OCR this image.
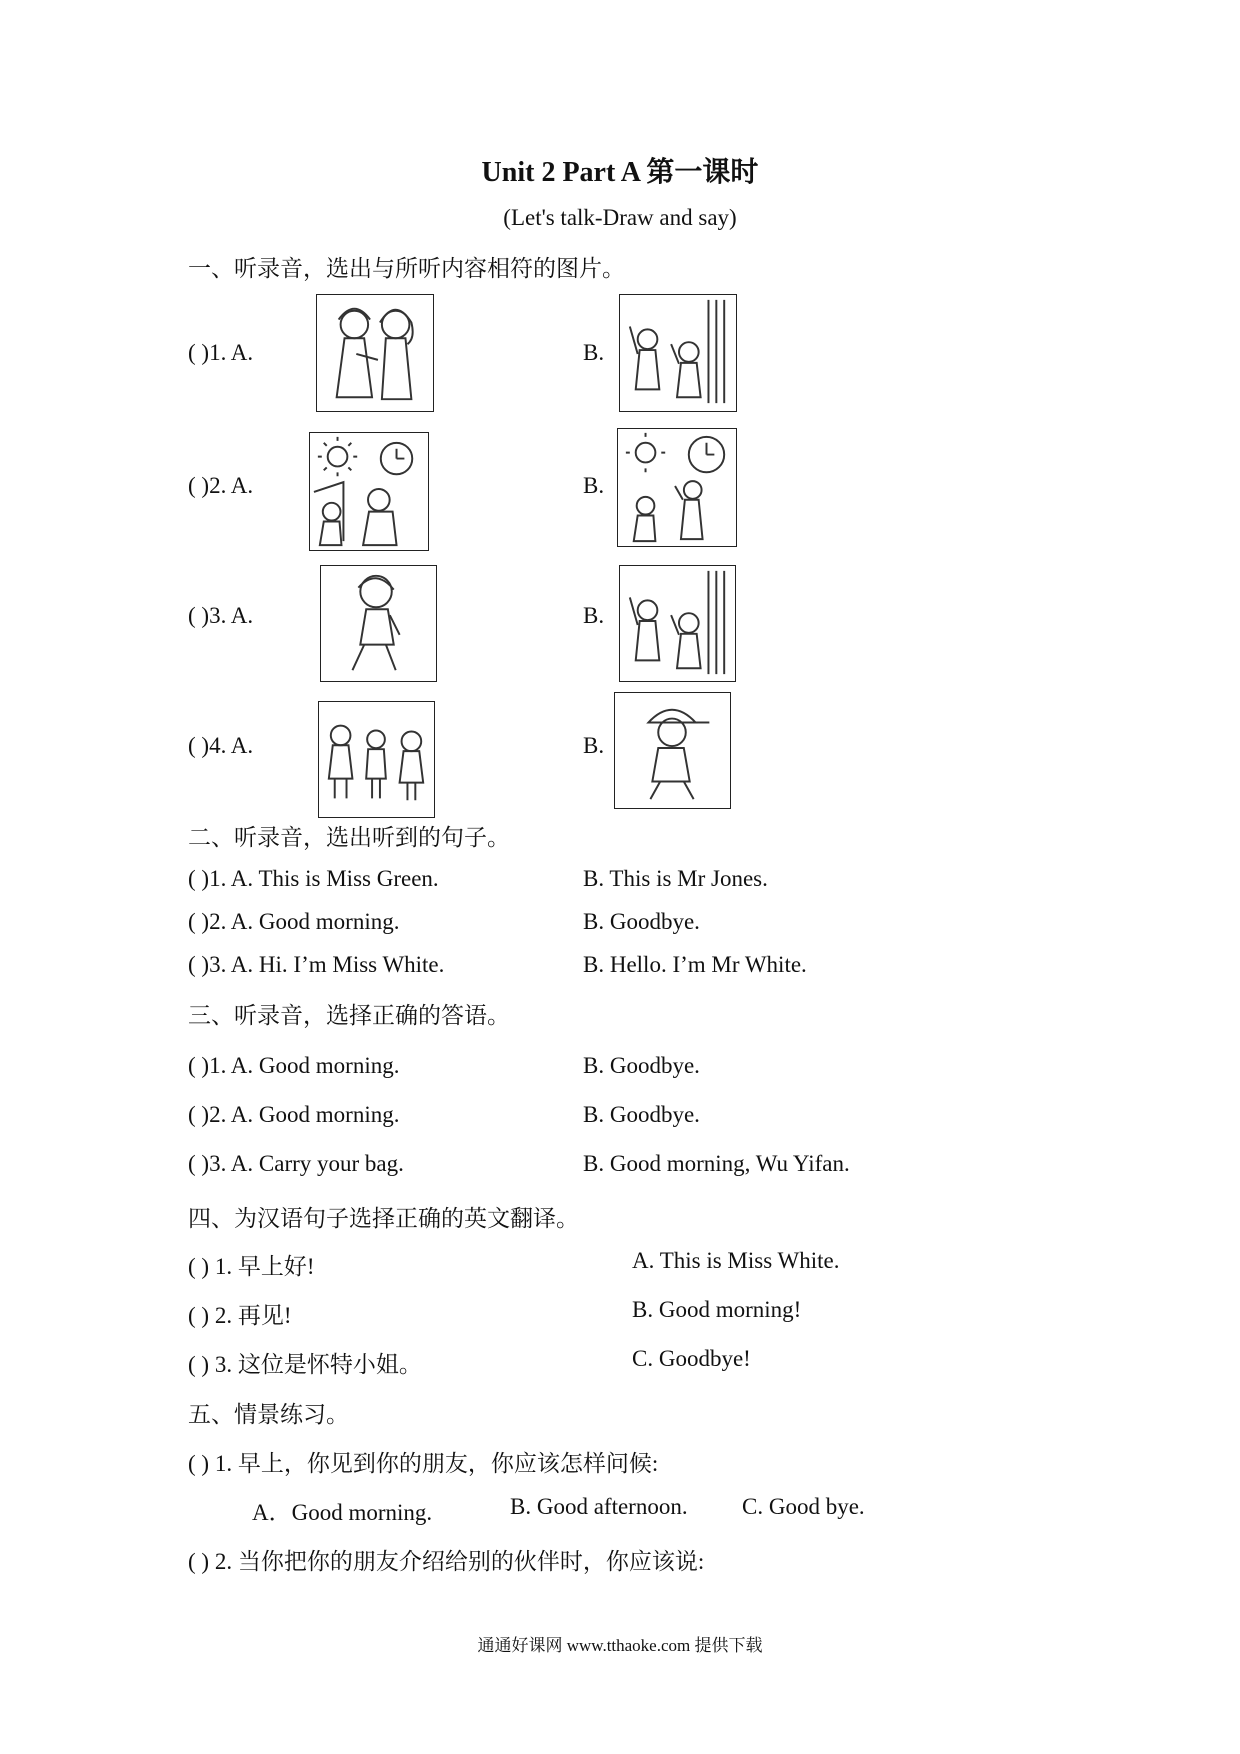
Unit 2 Part A 第一课时
(Let's talk-Draw and say)
一、听录音，选出与所听内容相符的图片。
( )1. A.	B.
( )2. A.	B.
( )3. A.	B.
( )4. A.	B.
二、听录音，选出听到的句子。
( )1. A. This is Miss Green.	B. This is Mr Jones.
( )2. A. Good morning.	B. Goodbye.
( )3. A. Hi. I’m Miss White.	B. Hello. I’m Mr White.
三、听录音，选择正确的答语。
( )1. A. Good morning.	B. Goodbye.
( )2. A. Good morning.	B. Goodbye.
( )3. A. Carry your bag.	B. Good morning, Wu Yifan.
四、为汉语句子选择正确的英文翻译。
( ) 1. 早上好!	A. This is Miss White.
( ) 2. 再见!	B. Good morning!
( ) 3. 这位是怀特小姐。	C. Goodbye!
五、情景练习。
( ) 1. 早上，你见到你的朋友，你应该怎样问候:
A．Good morning.	B. Good afternoon. C. Good bye.
( ) 2. 当你把你的朋友介绍给别的伙伴时，你应该说:
通通好课网 www.tthaoke.com 提供下载
